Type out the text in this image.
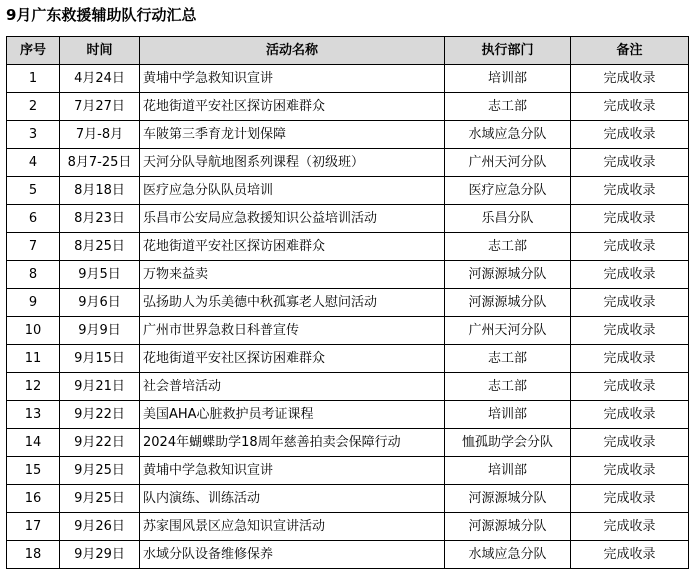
9月广东救援辅助队行动汇总
序号	时间	活动名称	执行部门	备注
1	4月24日	黄埔中学急救知识宣讲	培训部	完成收录
2	7月27日	花地街道平安社区探访困难群众	志工部	完成收录
3	7月-8月	车陂第三季育龙计划保障	水域应急分队	完成收录
4	8月7-25日	天河分队导航地图系列课程（初级班）	广州天河分队	完成收录
5	8月18日	医疗应急分队队员培训	医疗应急分队	完成收录
6	8月23日	乐昌市公安局应急救援知识公益培训活动	乐昌分队	完成收录
7	8月25日	花地街道平安社区探访困难群众	志工部	完成收录
8	9月5日	万物来益卖	河源源城分队	完成收录
9	9月6日	弘扬助人为乐美德中秋孤寡老人慰问活动	河源源城分队	完成收录
10	9月9日	广州市世界急救日科普宣传	广州天河分队	完成收录
11	9月15日	花地街道平安社区探访困难群众	志工部	完成收录
12	9月21日	社会普培活动	志工部	完成收录
13	9月22日	美国AHA心脏救护员考证课程	培训部	完成收录
14	9月22日	2024年蝴蝶助学18周年慈善拍卖会保障行动	恤孤助学会分队	完成收录
15	9月25日	黄埔中学急救知识宣讲	培训部	完成收录
16	9月25日	队内演练、训练活动	河源源城分队	完成收录
17	9月26日	苏家围风景区应急知识宣讲活动	河源源城分队	完成收录
18	9月29日	水域分队设备维修保养	水域应急分队	完成收录
